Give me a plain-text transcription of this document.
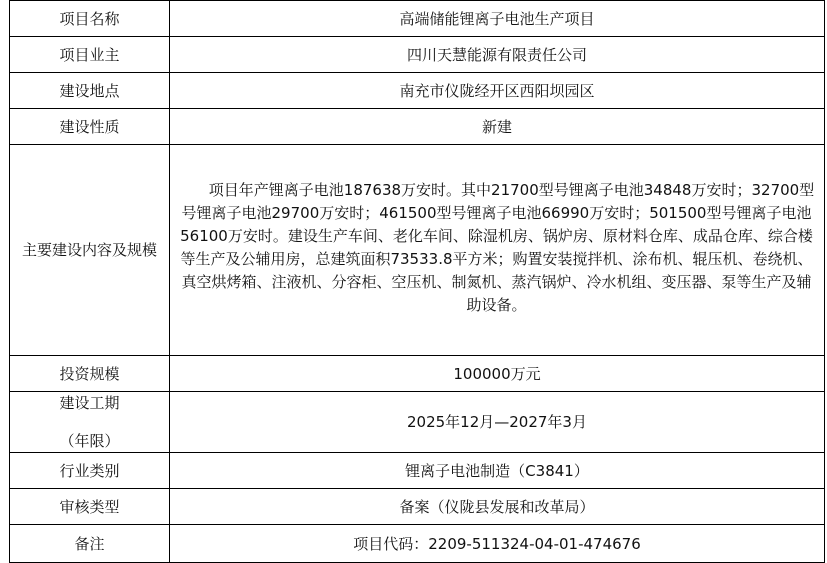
项目名称	高端储能锂离子电池生产项目
项目业主	四川天慧能源有限责任公司
建设地点	南充市仪陇经开区西阳坝园区
建设性质	新建
主要建设内容及规模	项目年产锂离子电池187638万安时。其中21700型号锂离子电池34848万安时；32700型号锂离子电池29700万安时；461500型号锂离子电池66990万安时；501500型号锂离子电池56100万安时。建设生产车间、老化车间、除湿机房、锅炉房、原材料仓库、成品仓库、综合楼等生产及公辅用房，总建筑面积73533.8平方米；购置安装搅拌机、涂布机、辊压机、卷绕机、真空烘烤箱、注液机、分容柜、空压机、制氮机、蒸汽锅炉、冷水机组、变压器、泵等生产及辅助设备。

投资规模	100000万元

建设工期
（年限）	2025年12月—2027年3月
行业类别	锂离子电池制造（C3841）
审核类型	备案（仪陇县发展和改革局）
备注	项目代码：2209-511324-04-01-474676
